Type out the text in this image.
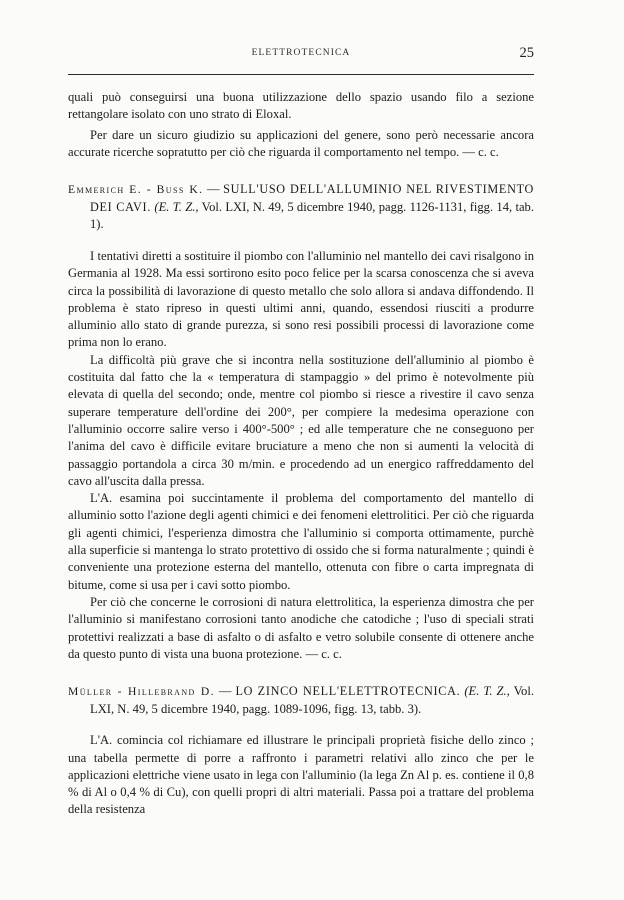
ELETTROTECNICA	25

quali può conseguirsi una buona utilizzazione dello spazio usando filo a sezione rettangolare isolato con uno strato di Eloxal.

Per dare un sicuro giudizio su applicazioni del genere, sono però necessarie ancora accurate ricerche sopratutto per ciò che riguarda il comportamento nel tempo. — c. c.

Emmerich E. - Buss K. — SULL'USO DELL'ALLUMINIO NEL RIVESTIMENTO DEI CAVI. (E. T. Z., Vol. LXI, N. 49, 5 dicembre 1940, pagg. 1126-1131, figg. 14, tab. 1).

I tentativi diretti a sostituire il piombo con l'alluminio nel mantello dei cavi risalgono in Germania al 1928. Ma essi sortirono esito poco felice per la scarsa conoscenza che si aveva circa la possibilità di lavorazione di questo metallo che solo allora si andava diffondendo. Il problema è stato ripreso in questi ultimi anni, quando, essendosi riusciti a produrre alluminio allo stato di grande purezza, si sono resi possibili processi di lavorazione come prima non lo erano.

La difficoltà più grave che si incontra nella sostituzione dell'alluminio al piombo è costituita dal fatto che la « temperatura di stampaggio » del primo è notevolmente più elevata di quella del secondo; onde, mentre col piombo si riesce a rivestire il cavo senza superare temperature dell'ordine dei 200°, per compiere la medesima operazione con l'alluminio occorre salire verso i 400°-500° ; ed alle temperature che ne conseguono per l'anima del cavo è difficile evitare bruciature a meno che non si aumenti la velocità di passaggio portandola a circa 30 m/min. e procedendo ad un energico raffreddamento del cavo all'uscita dalla pressa.

L'A. esamina poi succintamente il problema del comportamento del mantello di alluminio sotto l'azione degli agenti chimici e dei fenomeni elettrolitici. Per ciò che riguarda gli agenti chimici, l'esperienza dimostra che l'alluminio si comporta ottimamente, purchè alla superficie si mantenga lo strato protettivo di ossido che si forma naturalmente ; quindi è conveniente una protezione esterna del mantello, ottenuta con fibre o carta impregnata di bitume, come si usa per i cavi sotto piombo.

Per ciò che concerne le corrosioni di natura elettrolitica, la esperienza dimostra che per l'alluminio si manifestano corrosioni tanto anodiche che catodiche ; l'uso di speciali strati protettivi realizzati a base di asfalto o di asfalto e vetro solubile consente di ottenere anche da questo punto di vista una buona protezione. — c. c.

Müller - Hillebrand D. — LO ZINCO NELL'ELETTROTECNICA. (E. T. Z., Vol. LXI, N. 49, 5 dicembre 1940, pagg. 1089-1096, figg. 13, tabb. 3).

L'A. comincia col richiamare ed illustrare le principali proprietà fisiche dello zinco ; una tabella permette di porre a raffronto i parametri relativi allo zinco che per le applicazioni elettriche viene usato in lega con l'alluminio (la lega Zn Al p. es. contiene il 0,8 % di Al o 0,4 % di Cu), con quelli propri di altri materiali. Passa poi a trattare del problema della resistenza
